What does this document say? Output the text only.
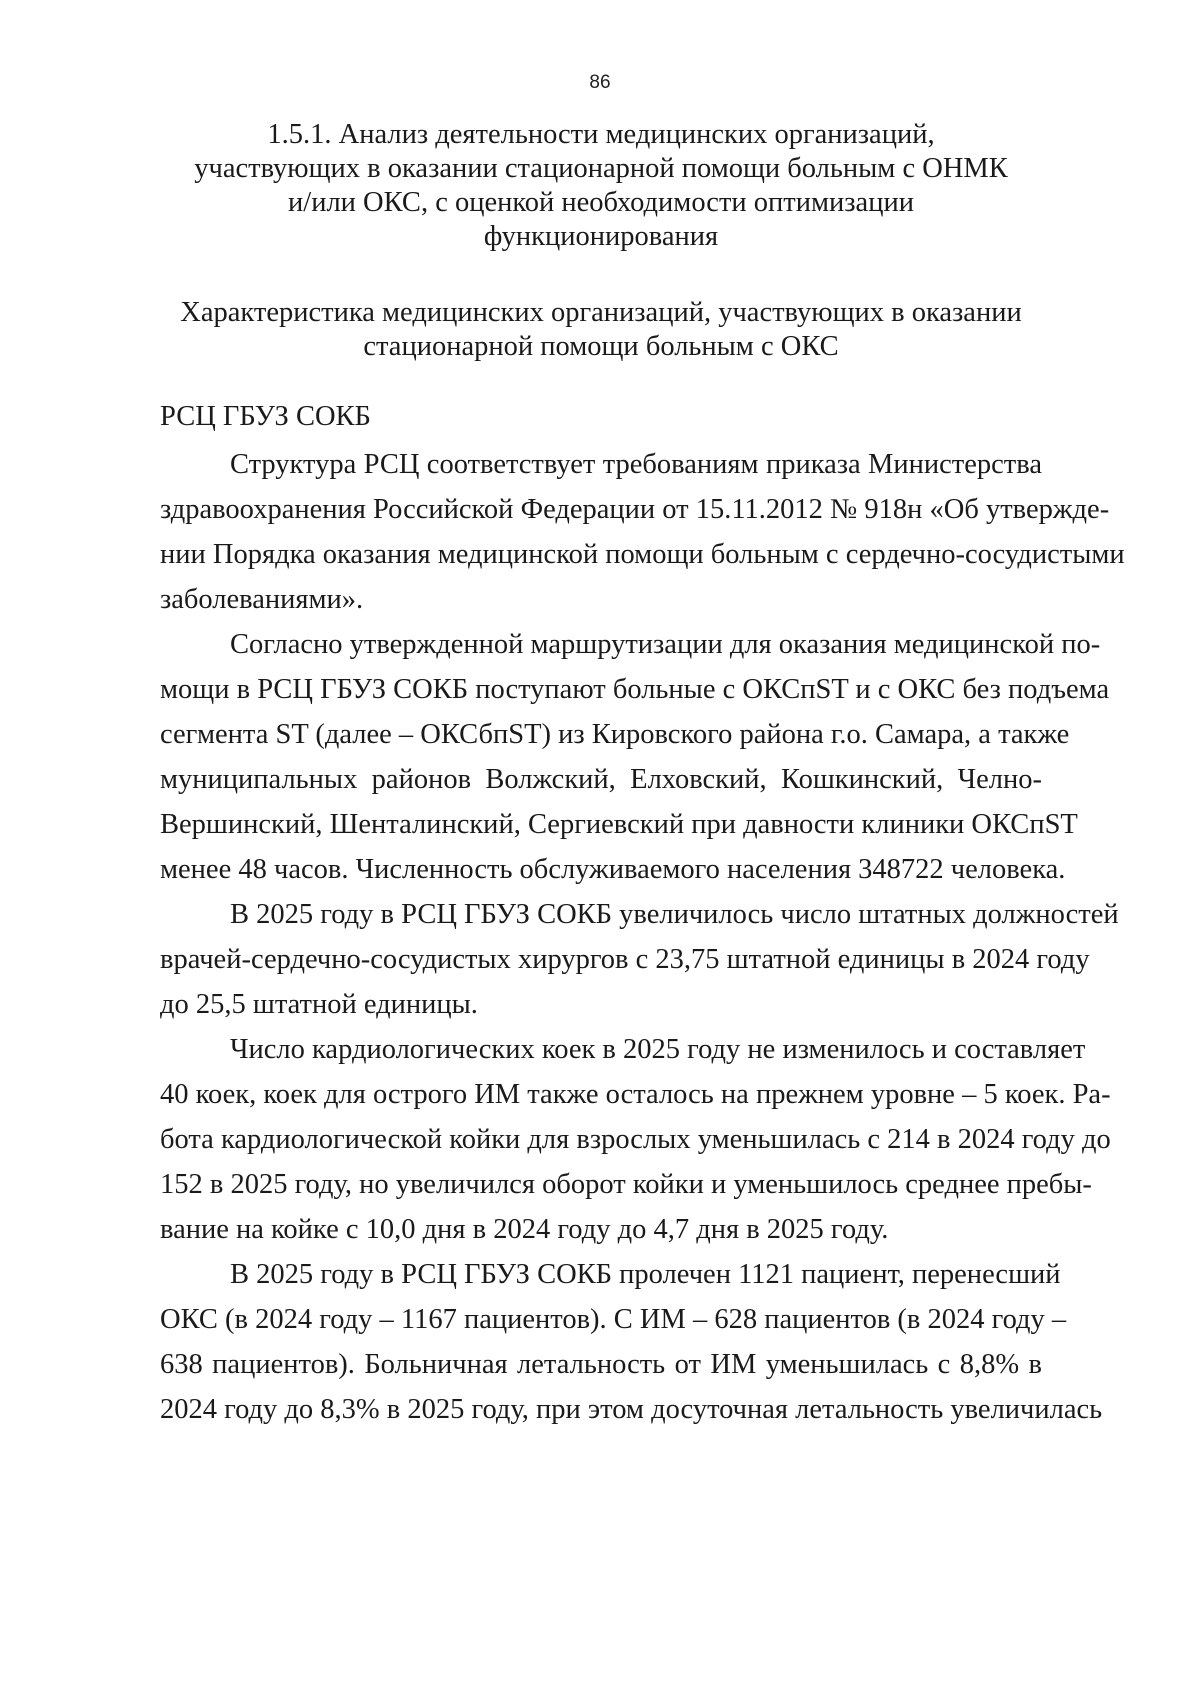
86
1.5.1. Анализ деятельности медицинских организаций,
участвующих в оказании стационарной помощи больным с ОНМК
и/или ОКС, с оценкой необходимости оптимизации
функционирования
Характеристика медицинских организаций, участвующих в оказании
стационарной помощи больным с ОКС
РСЦ ГБУЗ СОКБ
Структура РСЦ соответствует требованиям приказа Министерства
здравоохранения Российской Федерации от 15.11.2012 № 918н «Об утвержде-
нии Порядка оказания медицинской помощи больным с сердечно-сосудистыми
заболеваниями».
Согласно утвержденной маршрутизации для оказания медицинской по-
мощи в РСЦ ГБУЗ СОКБ поступают больные с ОКСпST и с ОКС без подъема
сегмента ST (далее – ОКСбпST) из Кировского района г.о. Самара, а также
муниципальных районов Волжский, Елховский, Кошкинский, Челно-
Вершинский, Шенталинский, Сергиевский при давности клиники ОКСпST
менее 48 часов. Численность обслуживаемого населения 348722 человека.
В 2025 году в РСЦ ГБУЗ СОКБ увеличилось число штатных должностей
врачей-сердечно-сосудистых хирургов с 23,75 штатной единицы в 2024 году
до 25,5 штатной единицы.
Число кардиологических коек в 2025 году не изменилось и составляет
40 коек, коек для острого ИМ также осталось на прежнем уровне – 5 коек. Ра-
бота кардиологической койки для взрослых уменьшилась с 214 в 2024 году до
152 в 2025 году, но увеличился оборот койки и уменьшилось среднее пребы-
вание на койке с 10,0 дня в 2024 году до 4,7 дня в 2025 году.
В 2025 году в РСЦ ГБУЗ СОКБ пролечен 1121 пациент, перенесший
ОКС (в 2024 году – 1167 пациентов). С ИМ – 628 пациентов (в 2024 году –
638 пациентов). Больничная летальность от ИМ уменьшилась с 8,8% в
2024 году до 8,3% в 2025 году, при этом досуточная летальность увеличилась
